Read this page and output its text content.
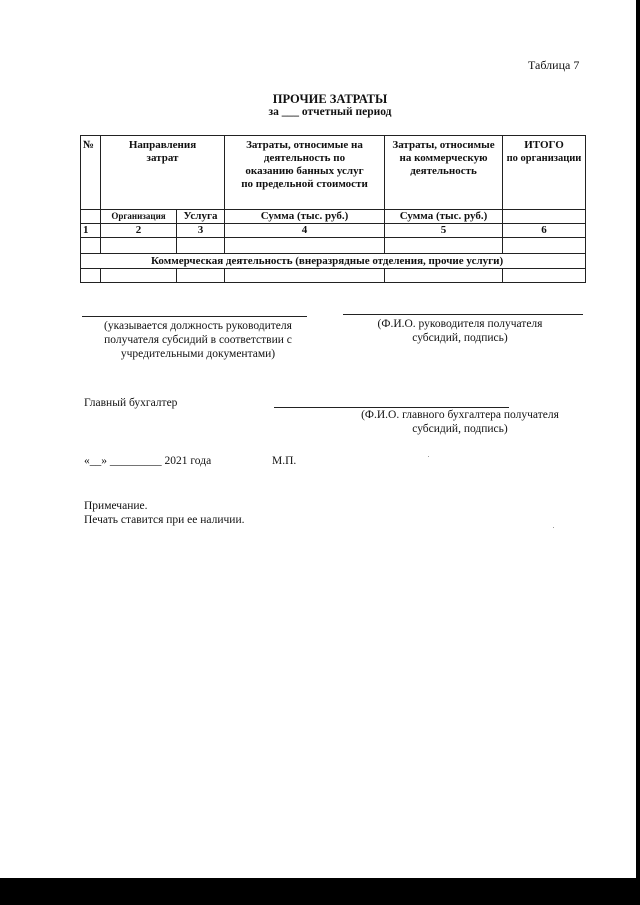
Таблица 7
ПРОЧИЕ ЗАТРАТЫ
за ___ отчетный период
№	Направления затрат		Затраты, относимые на деятельность по оказанию банных услуг по предельной стоимости	Затраты, относимые на коммерческую деятельность	ИТОГО
по организации

	Организация	Услуга	Сумма (тыс. руб.)	Сумма (тыс. руб.)	
1	2	3	4	5	6

Коммерческая деятельность (внеразрядные отделения, прочие услуги)					

(указывается должность руководителя получателя субсидий в соответствии с учредительными документами)
(Ф.И.О. руководителя получателя субсидий, подпись)
Главный бухгалтер
(Ф.И.О. главного бухгалтера получателя субсидий, подпись)
«__» _________ 2021 года	М.П.
Примечание.
Печать ставится при ее наличии.
